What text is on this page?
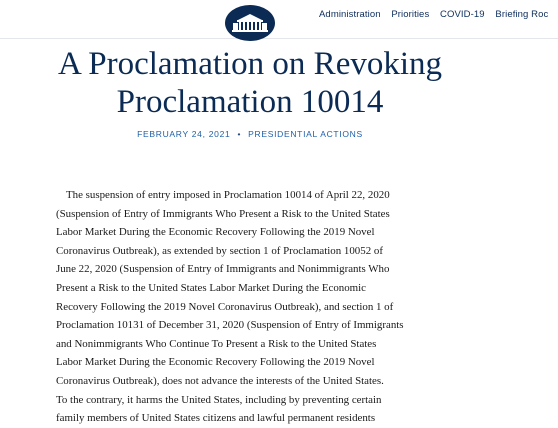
Administration Priorities COVID-19 Briefing Roc
A Proclamation on Revoking
Proclamation 10014
FEBRUARY 24, 2021 • PRESIDENTIAL ACTIONS
The suspension of entry imposed in Proclamation 10014 of April 22, 2020
(Suspension of Entry of Immigrants Who Present a Risk to the United States
Labor Market During the Economic Recovery Following the 2019 Novel
Coronavirus Outbreak), as extended by section 1 of Proclamation 10052 of
June 22, 2020 (Suspension of Entry of Immigrants and Nonimmigrants Who
Present a Risk to the United States Labor Market During the Economic
Recovery Following the 2019 Novel Coronavirus Outbreak), and section 1 of
Proclamation 10131 of December 31, 2020 (Suspension of Entry of Immigrants
and Nonimmigrants Who Continue To Present a Risk to the United States
Labor Market During the Economic Recovery Following the 2019 Novel
Coronavirus Outbreak), does not advance the interests of the United States.
To the contrary, it harms the United States, including by preventing certain
family members of United States citizens and lawful permanent residents
